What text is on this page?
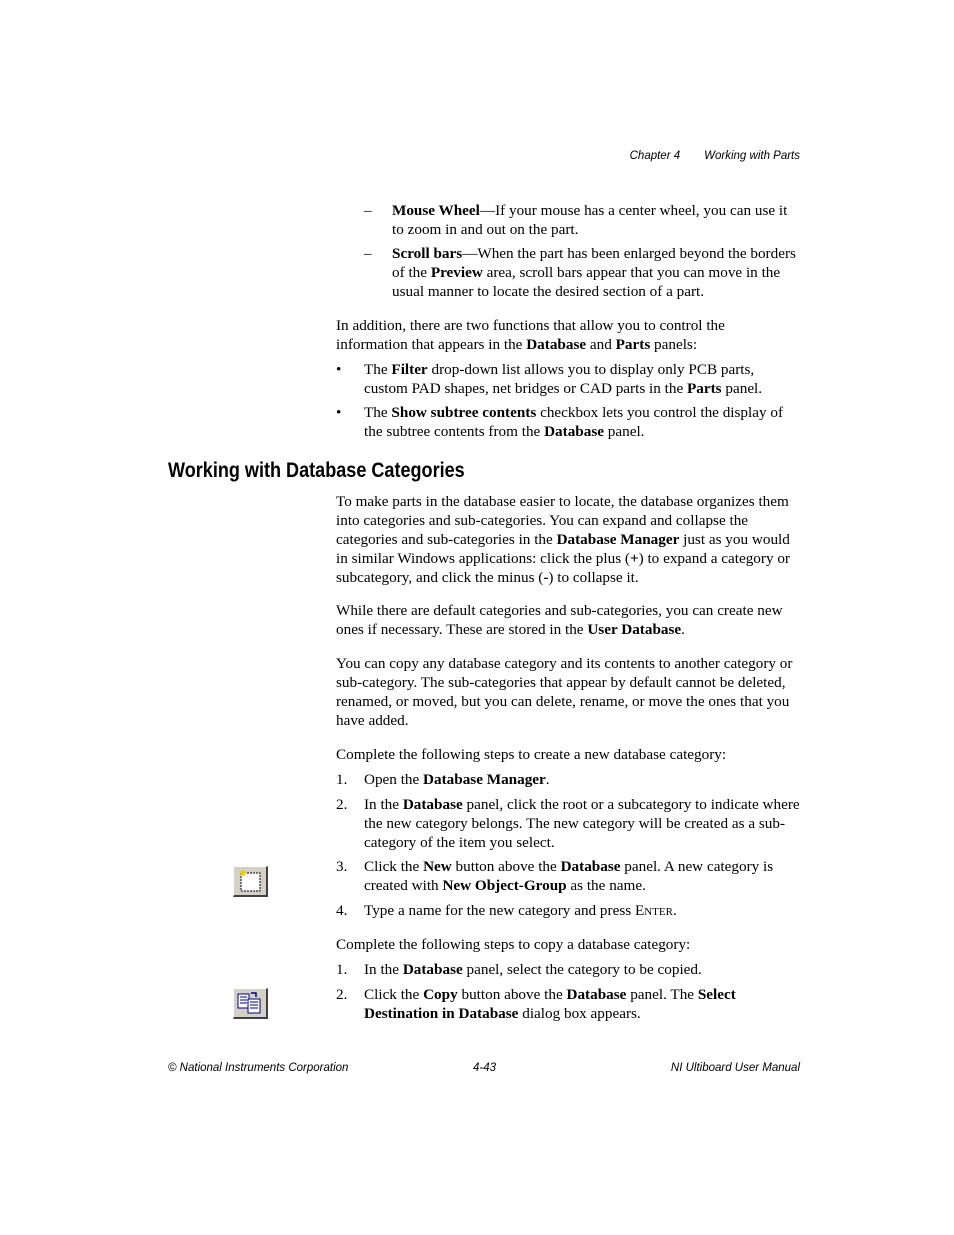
Chapter 4 Working with Parts
– Mouse Wheel—If your mouse has a center wheel, you can use it to zoom in and out on the part.
– Scroll bars—When the part has been enlarged beyond the borders of the Preview area, scroll bars appear that you can move in the usual manner to locate the desired section of a part.

In addition, there are two functions that allow you to control the information that appears in the Database and Parts panels:

• The Filter drop-down list allows you to display only PCB parts, custom PAD shapes, net bridges or CAD parts in the Parts panel.
• The Show subtree contents checkbox lets you control the display of the subtree contents from the Database panel.
Working with Database Categories

To make parts in the database easier to locate, the database organizes them into categories and sub-categories. You can expand and collapse the categories and sub-categories in the Database Manager just as you would in similar Windows applications: click the plus (+) to expand a category or subcategory, and click the minus (-) to collapse it.

While there are default categories and sub-categories, you can create new ones if necessary. These are stored in the User Database.

You can copy any database category and its contents to another category or sub-category. The sub-categories that appear by default cannot be deleted, renamed, or moved, but you can delete, rename, or move the ones that you have added.

Complete the following steps to create a new database category:

1. Open the Database Manager.
2. In the Database panel, click the root or a subcategory to indicate where the new category belongs. The new category will be created as a sub-category of the item you select.
3. Click the New button above the Database panel. A new category is created with New Object-Group as the name.
4. Type a name for the new category and press Enter.

Complete the following steps to copy a database category:

1. In the Database panel, select the category to be copied.
2. Click the Copy button above the Database panel. The Select Destination in Database dialog box appears.
© National Instruments Corporation	4-43	NI Ultiboard User Manual
